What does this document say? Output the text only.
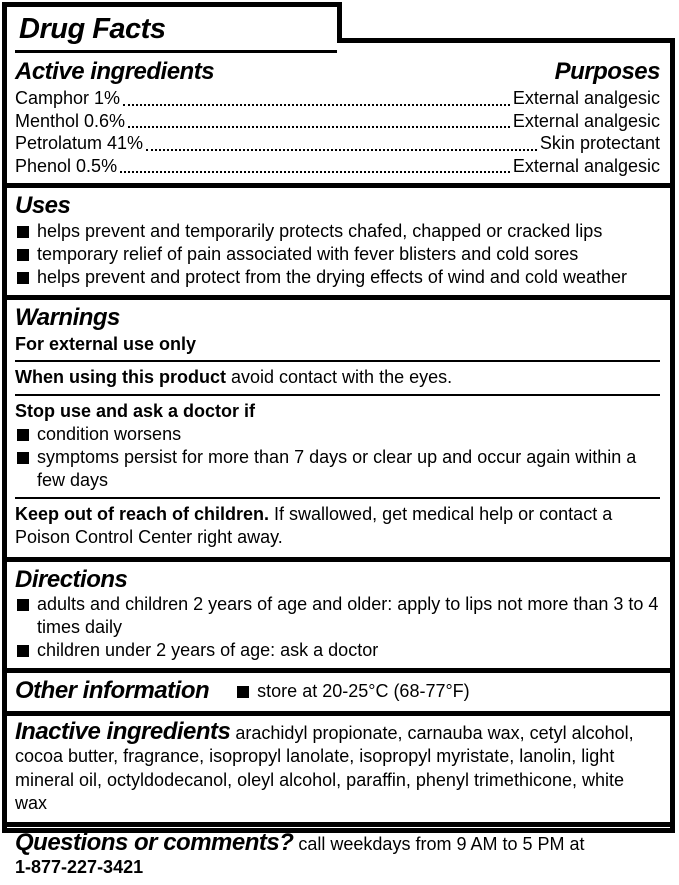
Drug Facts
Active ingredients	Purposes
Camphor 1%	External analgesic
Menthol 0.6%	External analgesic
Petrolatum 41%	Skin protectant
Phenol 0.5%	External analgesic
Uses
helps prevent and temporarily protects chafed, chapped or cracked lips
temporary relief of pain associated with fever blisters and cold sores
helps prevent and protect from the drying effects of wind and cold weather
Warnings
For external use only
When using this product avoid contact with the eyes.
Stop use and ask a doctor if
condition worsens
symptoms persist for more than 7 days or clear up and occur again within a few days
Keep out of reach of children. If swallowed, get medical help or contact a Poison Control Center right away.
Directions
adults and children 2 years of age and older: apply to lips not more than 3 to 4 times daily
children under 2 years of age: ask a doctor
Other information	store at 20-25°C (68-77°F)

Inactive ingredients arachidyl propionate, carnauba wax, cetyl alcohol, cocoa butter, fragrance, isopropyl lanolate, isopropyl myristate, lanolin, light mineral oil, octyldodecanol, oleyl alcohol, paraffin, phenyl trimethicone, white wax

Questions or comments? call weekdays from 9 AM to 5 PM at

1-877-227-3421
